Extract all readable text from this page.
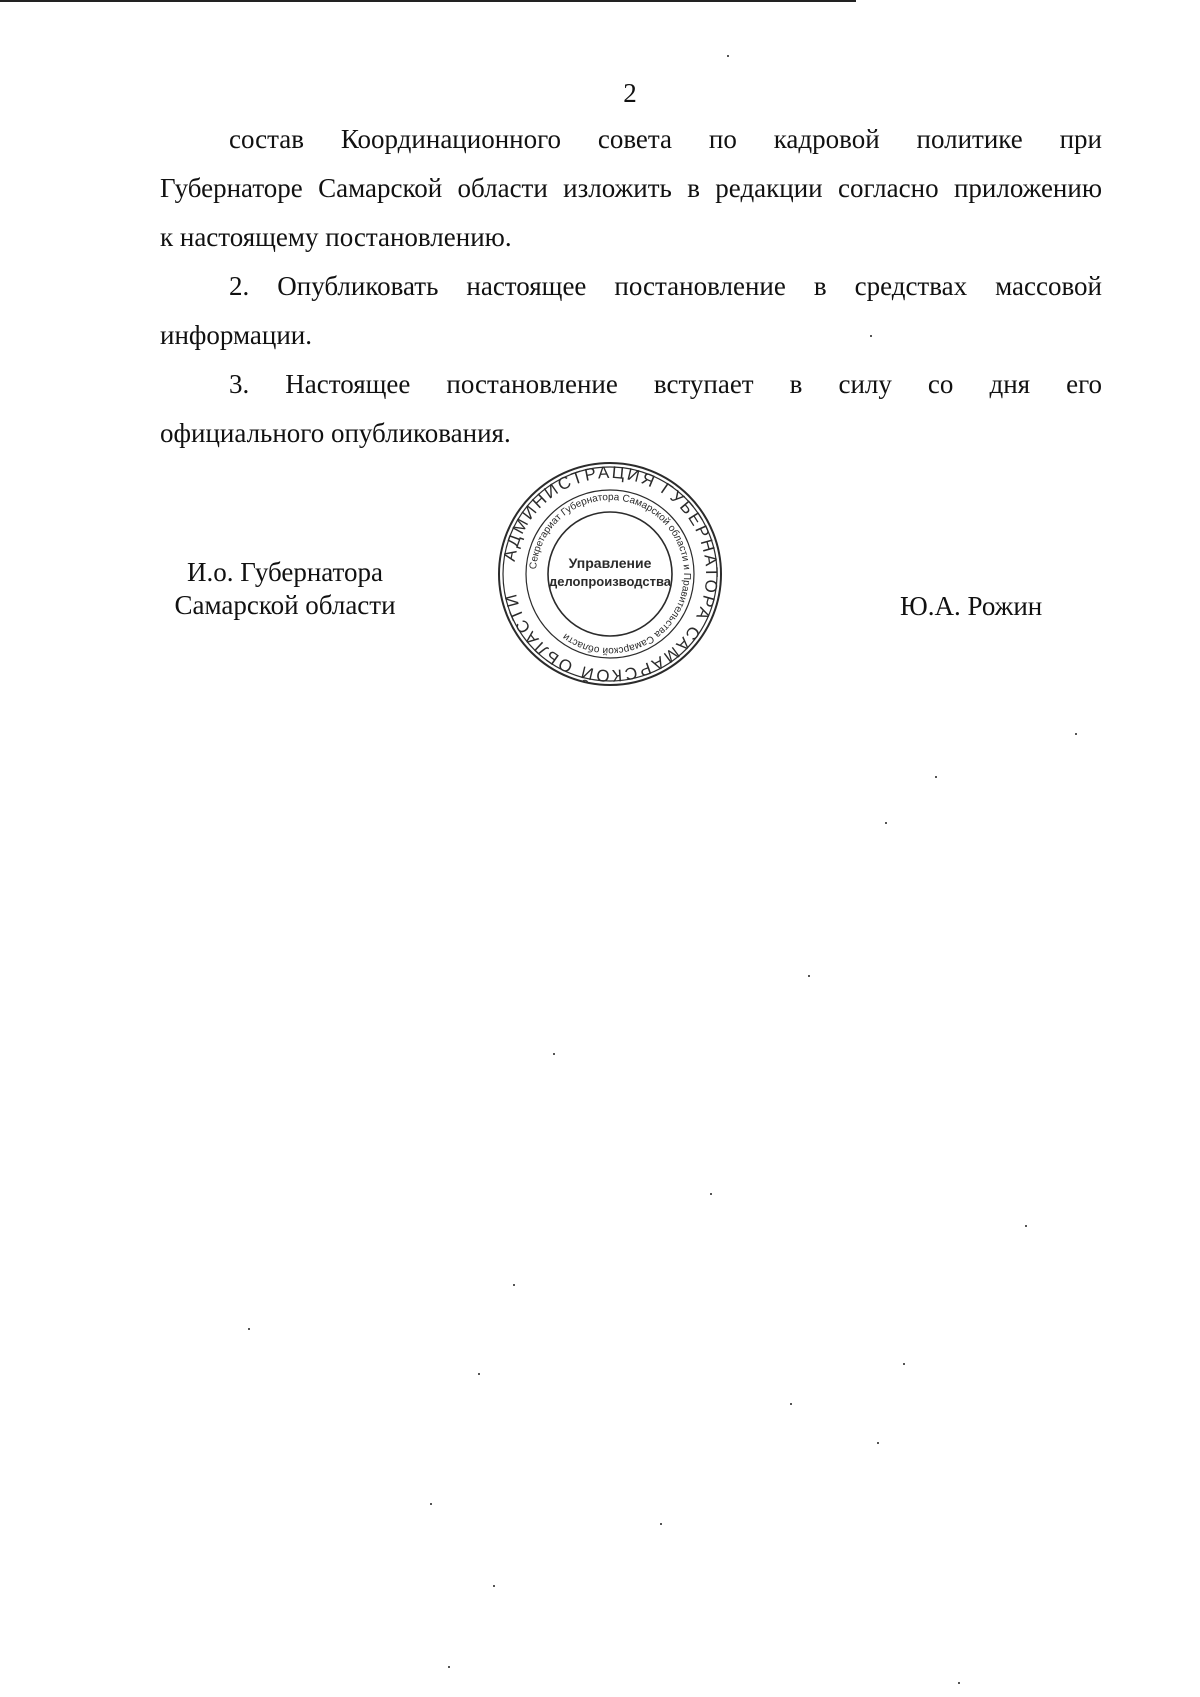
2

состав Координационного совета по кадровой политике при
Губернаторе Самарской области изложить в редакции согласно приложению
к настоящему постановлению.

2. Опубликовать настоящее постановление в средствах массовой
информации.

3. Настоящее постановление вступает в силу со дня его
официального опубликования.

И.о. Губернатора
Самарской области
АДМИНИСТРАЦИЯ ГУБЕРНАТОРА САМАРСКОЙ ОБЛАСТИ
Секретариат Губернатора Самарской области и Правительства Самарской области
Управление
делопроизводства
Ю.А. Рожин
